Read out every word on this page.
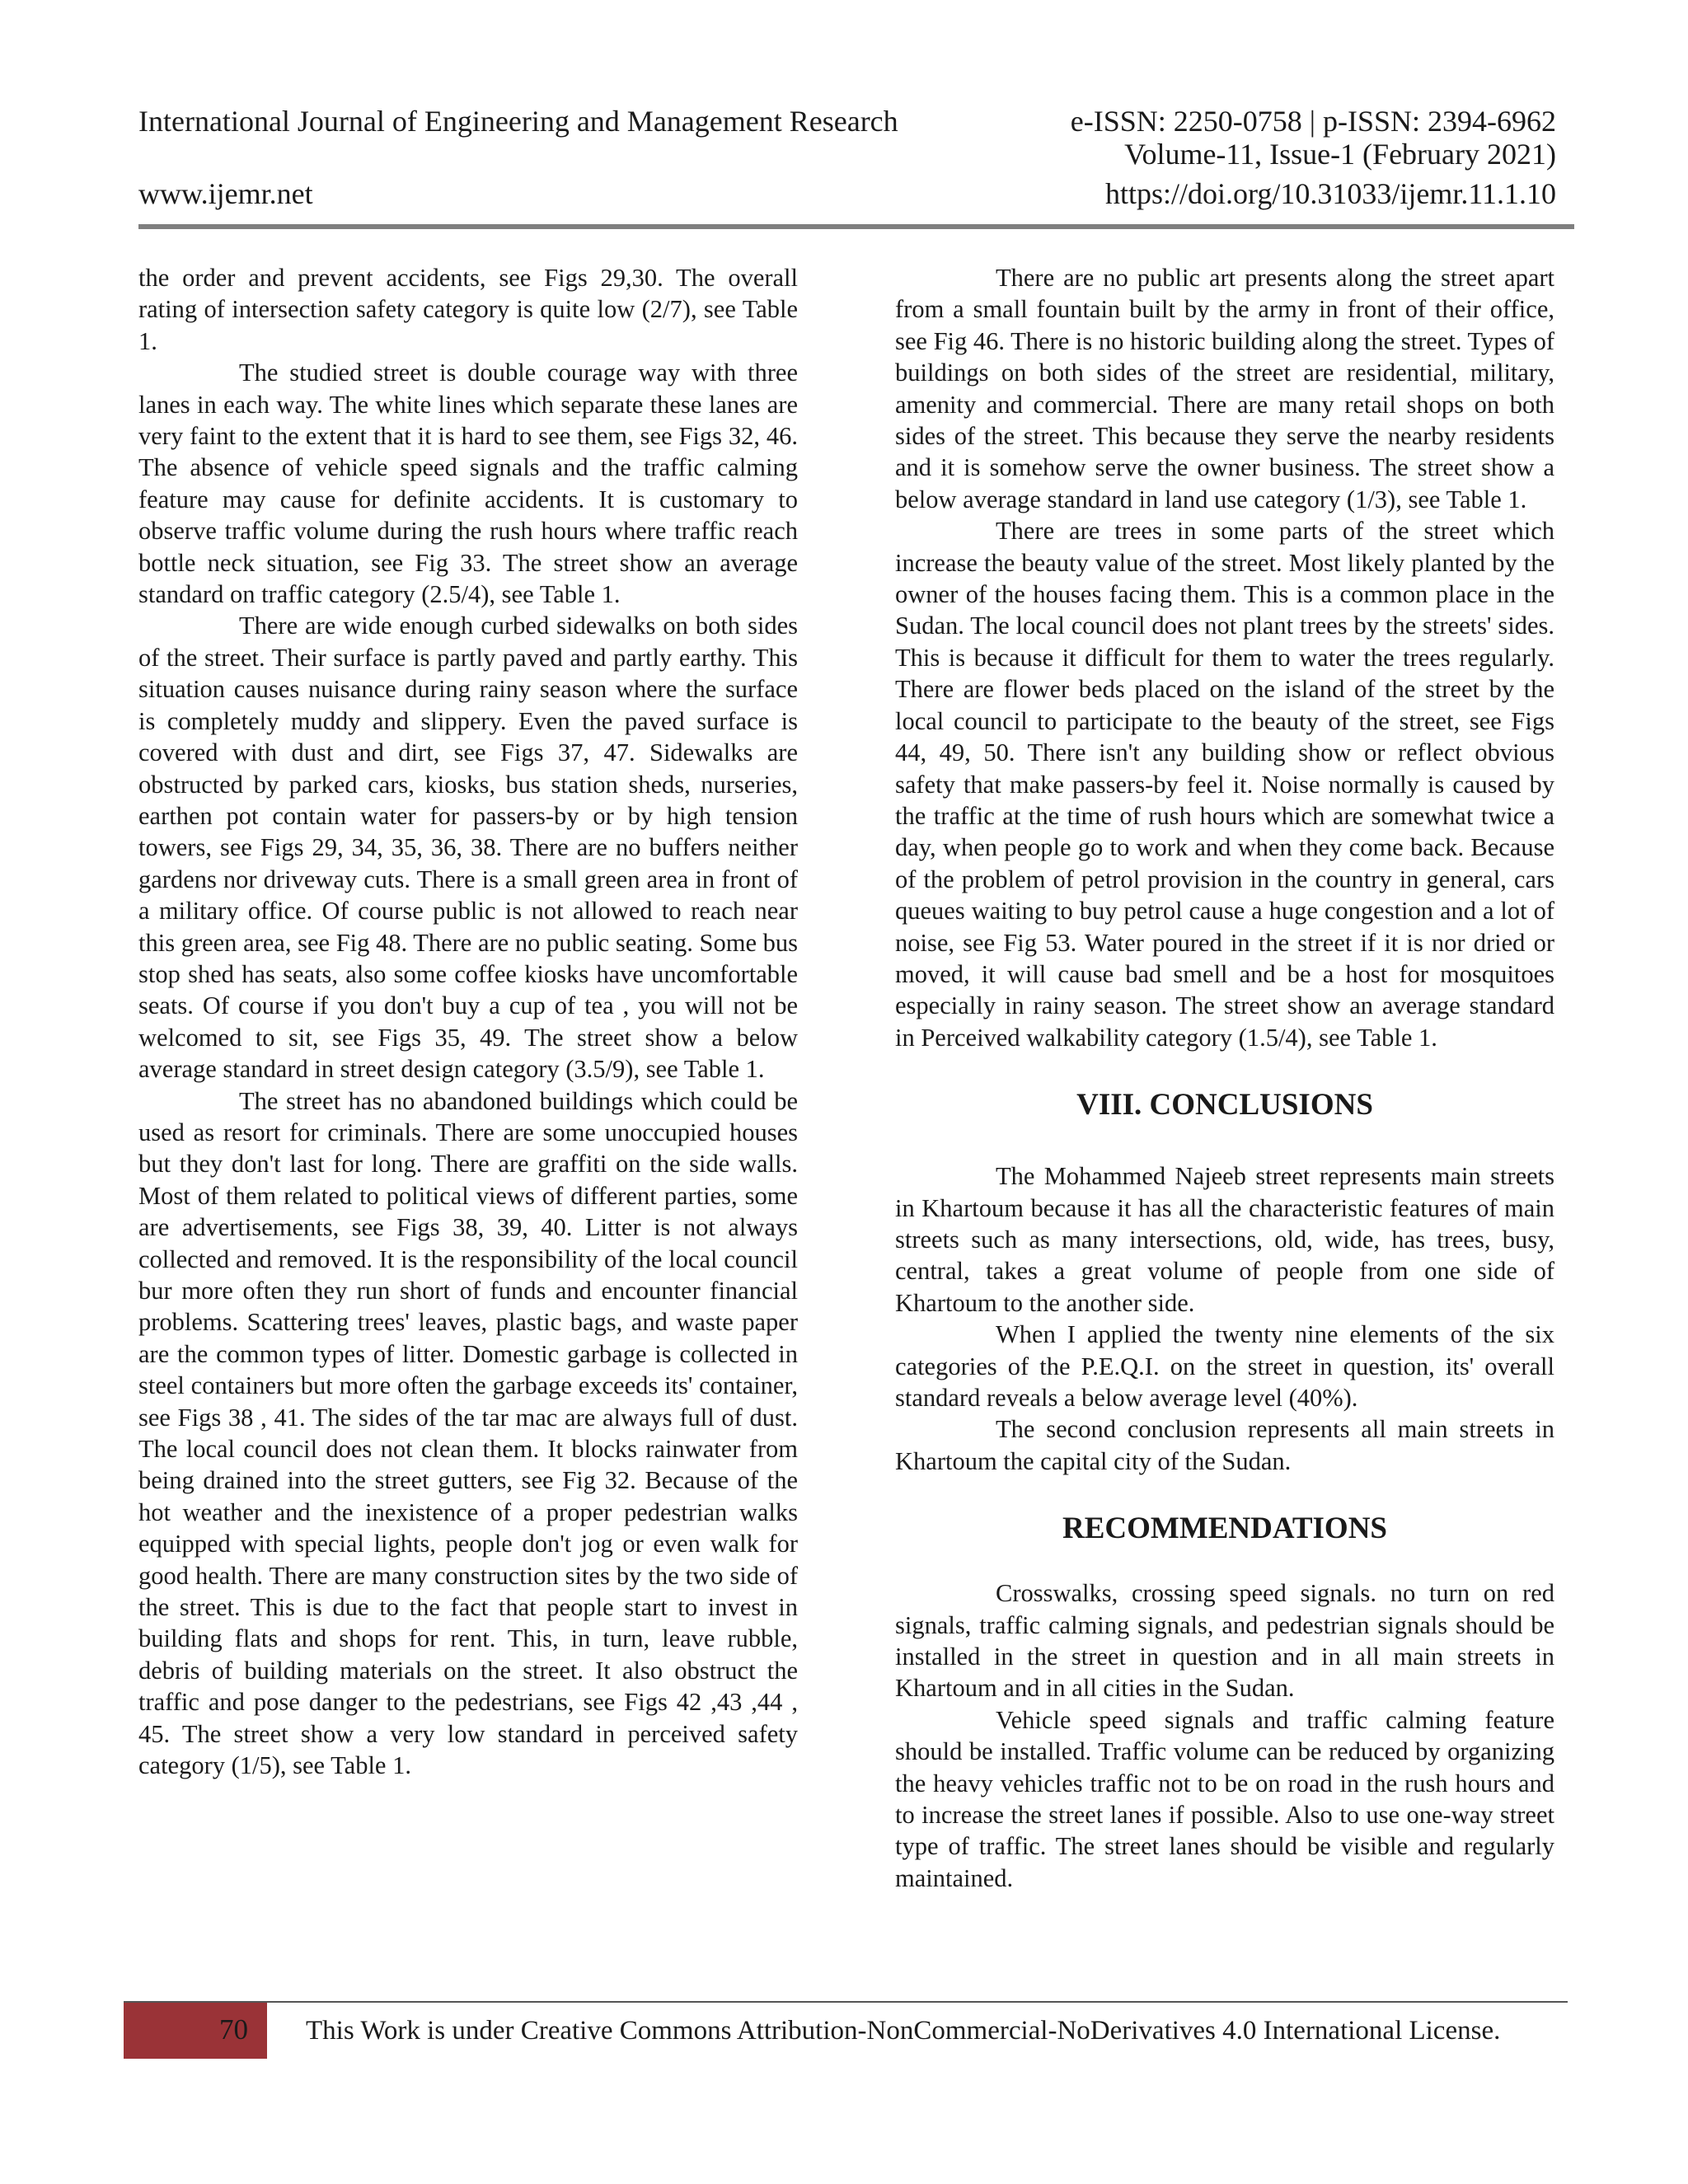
International Journal of Engineering and Management Research	e-ISSN: 2250-0758 | p-ISSN: 2394-6962
Volume-11, Issue-1 (February 2021)
www.ijemr.net	https://doi.org/10.31033/ijemr.11.1.10

the order and prevent accidents, see Figs 29,30. The overall rating of intersection safety category is quite low (2/7), see Table 1.

The studied street is double courage way with three lanes in each way. The white lines which separate these lanes are very faint to the extent that it is hard to see them, see Figs 32, 46. The absence of vehicle speed signals and the traffic calming feature may cause for definite accidents. It is customary to observe traffic volume during the rush hours where traffic reach bottle neck situation, see Fig 33. The street show an average standard on traffic category (2.5/4), see Table 1.

There are wide enough curbed sidewalks on both sides of the street. Their surface is partly paved and partly earthy. This situation causes nuisance during rainy season where the surface is completely muddy and slippery. Even the paved surface is covered with dust and dirt, see Figs 37, 47. Sidewalks are obstructed by parked cars, kiosks, bus station sheds, nurseries, earthen pot contain water for passers-by or by high tension towers, see Figs 29, 34, 35, 36, 38. There are no buffers neither gardens nor driveway cuts. There is a small green area in front of a military office. Of course public is not allowed to reach near this green area, see Fig 48. There are no public seating. Some bus stop shed has seats, also some coffee kiosks have uncomfortable seats. Of course if you don't buy a cup of tea , you will not be welcomed to sit, see Figs 35, 49. The street show a below average standard in street design category (3.5/9), see Table 1.

The street has no abandoned buildings which could be used as resort for criminals. There are some unoccupied houses but they don't last for long. There are graffiti on the side walls. Most of them related to political views of different parties, some are advertisements, see Figs 38, 39, 40. Litter is not always collected and removed. It is the responsibility of the local council bur more often they run short of funds and encounter financial problems. Scattering trees' leaves, plastic bags, and waste paper are the common types of litter. Domestic garbage is collected in steel containers but more often the garbage exceeds its' container, see Figs 38 , 41. The sides of the tar mac are always full of dust. The local council does not clean them. It blocks rainwater from being drained into the street gutters, see Fig 32. Because of the hot weather and the inexistence of a proper pedestrian walks equipped with special lights, people don't jog or even walk for good health. There are many construction sites by the two side of the street. This is due to the fact that people start to invest in building flats and shops for rent. This, in turn, leave rubble, debris of building materials on the street. It also obstruct the traffic and pose danger to the pedestrians, see Figs 42 ,43 ,44 , 45. The street show a very low standard in perceived safety category (1/5), see Table 1.

There are no public art presents along the street apart from a small fountain built by the army in front of their office, see Fig 46. There is no historic building along the street. Types of buildings on both sides of the street are residential, military, amenity and commercial. There are many retail shops on both sides of the street. This because they serve the nearby residents and it is somehow serve the owner business. The street show a below average standard in land use category (1/3), see Table 1.

There are trees in some parts of the street which increase the beauty value of the street. Most likely planted by the owner of the houses facing them. This is a common place in the Sudan. The local council does not plant trees by the streets' sides. This is because it difficult for them to water the trees regularly. There are flower beds placed on the island of the street by the local council to participate to the beauty of the street, see Figs 44, 49, 50. There isn't any building show or reflect obvious safety that make passers-by feel it. Noise normally is caused by the traffic at the time of rush hours which are somewhat twice a day, when people go to work and when they come back. Because of the problem of petrol provision in the country in general, cars queues waiting to buy petrol cause a huge congestion and a lot of noise, see Fig 53. Water poured in the street if it is nor dried or moved, it will cause bad smell and be a host for mosquitoes especially in rainy season. The street show an average standard in Perceived walkability category (1.5/4), see Table 1.

VIII. CONCLUSIONS

The Mohammed Najeeb street represents main streets in Khartoum because it has all the characteristic features of main streets such as many intersections, old, wide, has trees, busy, central, takes a great volume of people from one side of Khartoum to the another side.

When I applied the twenty nine elements of the six categories of the P.E.Q.I. on the street in question, its' overall standard reveals a below average level (40%).

The second conclusion represents all main streets in Khartoum the capital city of the Sudan.

RECOMMENDATIONS

Crosswalks, crossing speed signals. no turn on red signals, traffic calming signals, and pedestrian signals should be installed in the street in question and in all main streets in Khartoum and in all cities in the Sudan.

Vehicle speed signals and traffic calming feature should be installed. Traffic volume can be reduced by organizing the heavy vehicles traffic not to be on road in the rush hours and to increase the street lanes if possible. Also to use one-way street type of traffic. The street lanes should be visible and regularly maintained.

70 This Work is under Creative Commons Attribution-NonCommercial-NoDerivatives 4.0 International License.
